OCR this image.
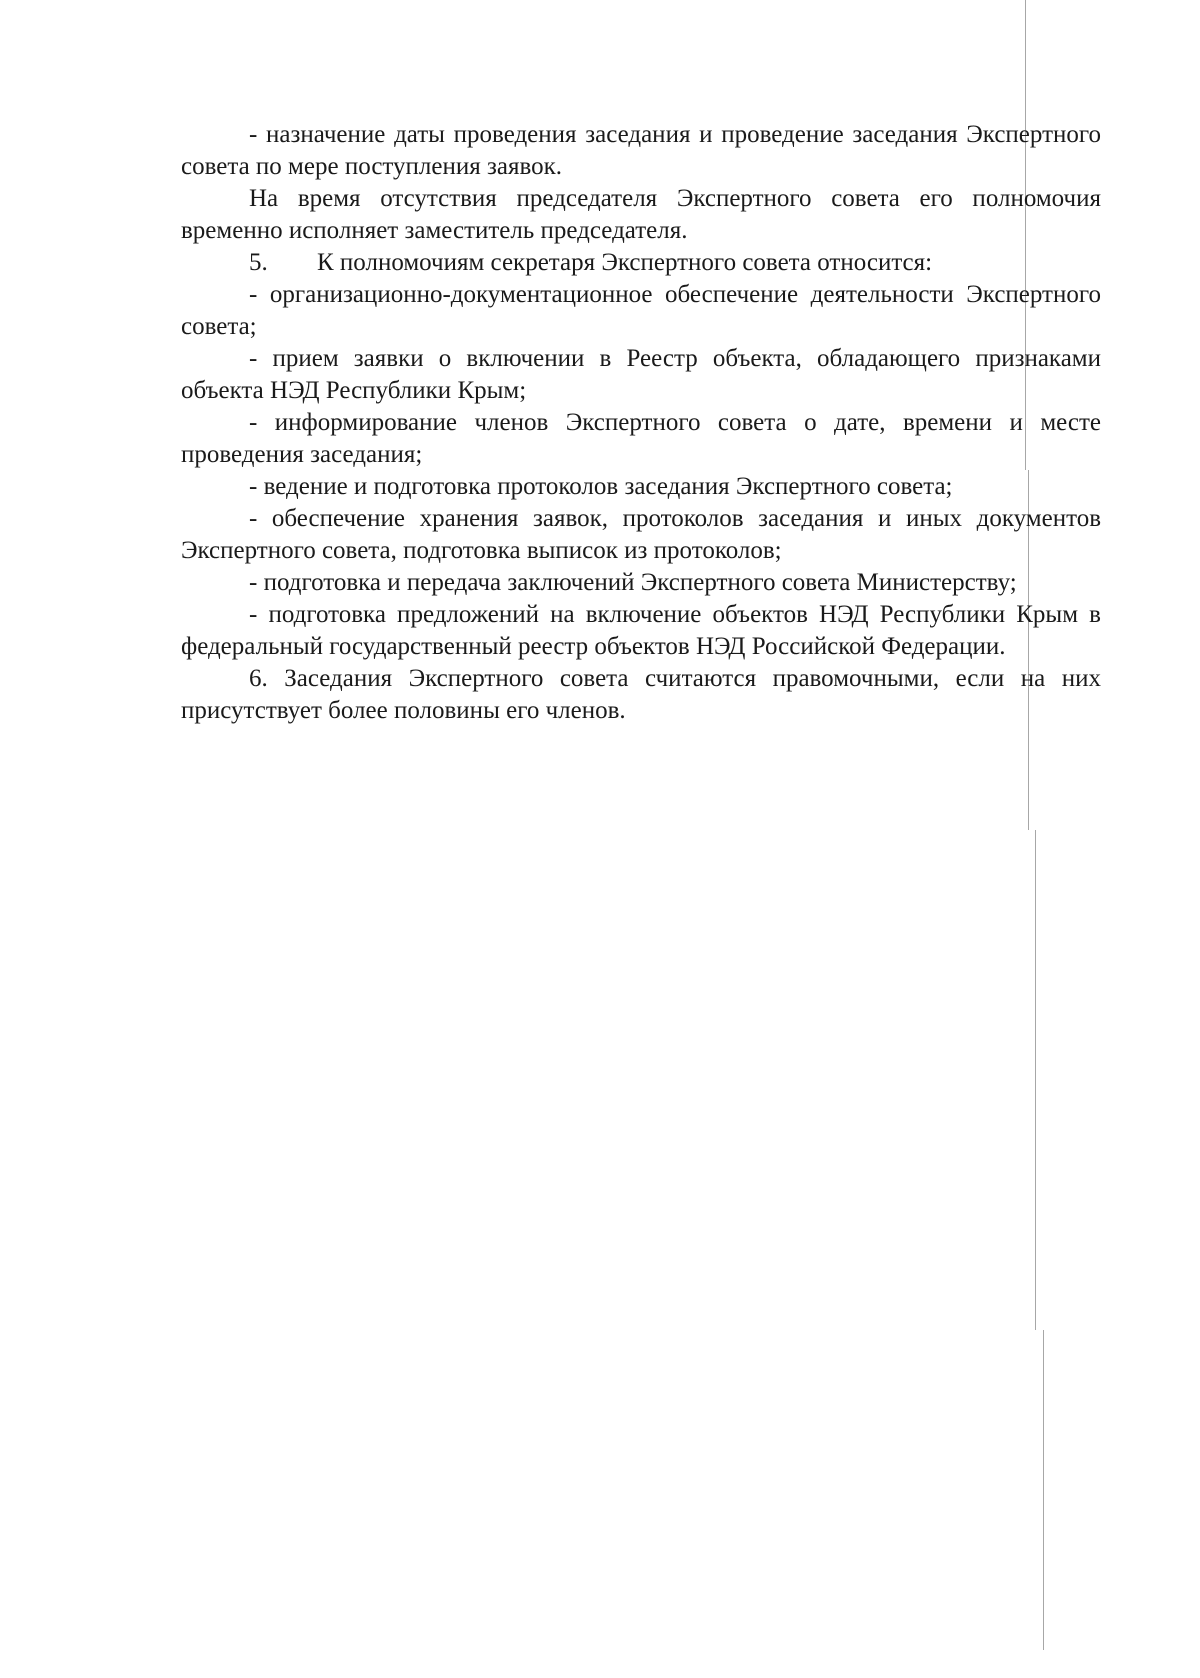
- назначение даты проведения заседания и проведение заседания Экспертного совета по мере поступления заявок.

На время отсутствия председателя Экспертного совета его полномочия временно исполняет заместитель председателя.

5.	К полномочиям секретаря Экспертного совета относится:

- организационно-документационное обеспечение деятельности Экспертного совета;

- прием заявки о включении в Реестр объекта, обладающего признаками объекта НЭД Республики Крым;

- информирование членов Экспертного совета о дате, времени и месте проведения заседания;

- ведение и подготовка протоколов заседания Экспертного совета;

- обеспечение хранения заявок, протоколов заседания и иных документов Экспертного совета, подготовка выписок из протоколов;

- подготовка и передача заключений Экспертного совета Министерству;

- подготовка предложений на включение объектов НЭД Республики Крым в федеральный государственный реестр объектов НЭД Российской Федерации.

6. Заседания Экспертного совета считаются правомочными, если на них присутствует более половины его членов.
